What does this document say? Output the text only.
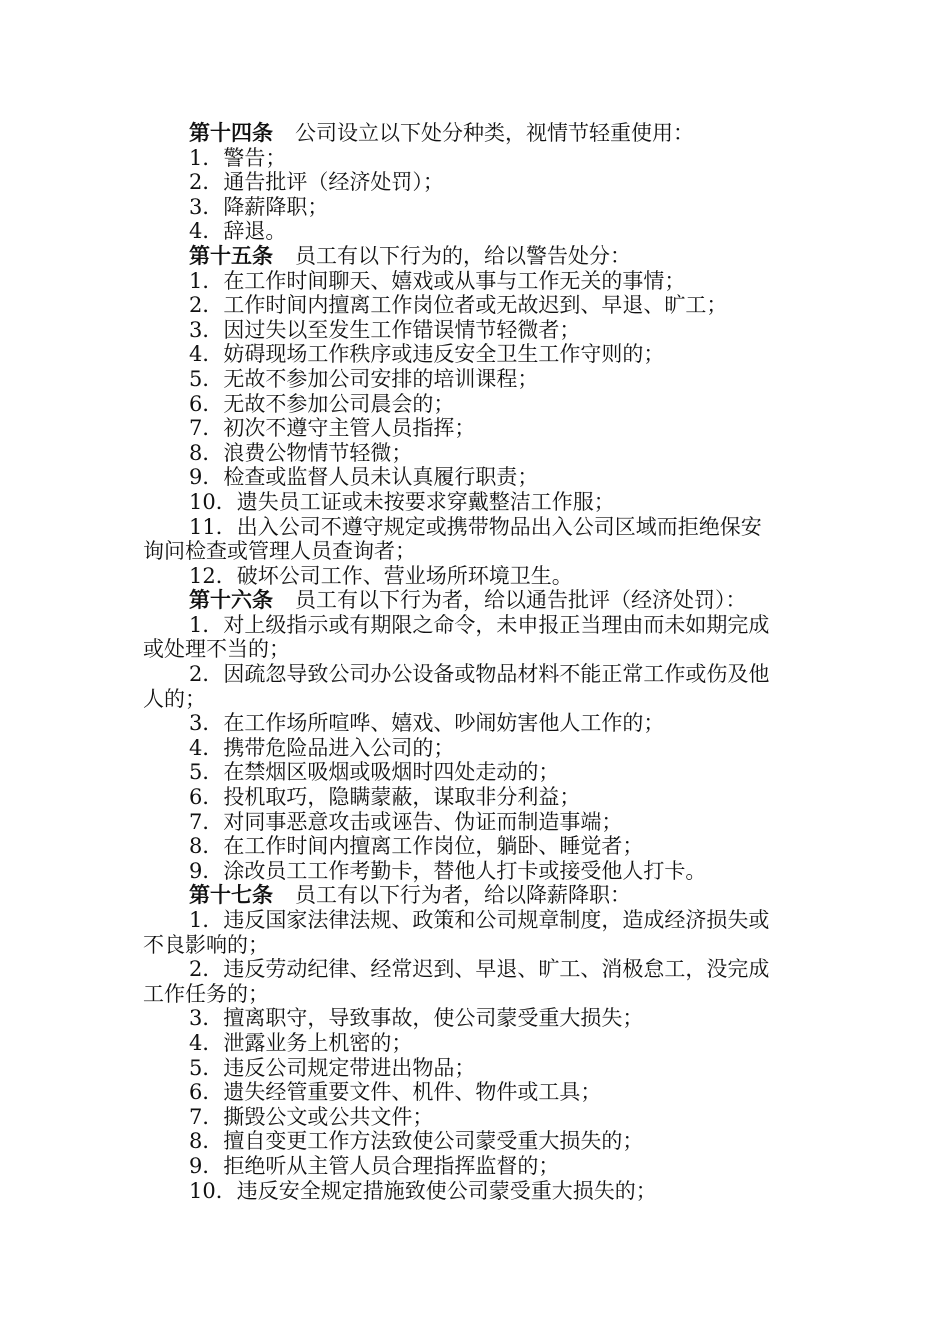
第十四条 公司设立以下处分种类，视情节轻重使用：
1．警告；
2．通告批评（经济处罚）；
3．降薪降职；
4．辞退。
第十五条 员工有以下行为的，给以警告处分：
1．在工作时间聊天、嬉戏或从事与工作无关的事情；
2．工作时间内擅离工作岗位者或无故迟到、早退、旷工；
3．因过失以至发生工作错误情节轻微者；
4．妨碍现场工作秩序或违反安全卫生工作守则的；
5．无故不参加公司安排的培训课程；
6．无故不参加公司晨会的；
7．初次不遵守主管人员指挥；
8．浪费公物情节轻微；
9．检查或监督人员未认真履行职责；
10．遗失员工证或未按要求穿戴整洁工作服；
11．出入公司不遵守规定或携带物品出入公司区域而拒绝保安
询问检查或管理人员查询者；
12．破坏公司工作、营业场所环境卫生。
第十六条 员工有以下行为者，给以通告批评（经济处罚）：
1．对上级指示或有期限之命令，未申报正当理由而未如期完成
或处理不当的；
2．因疏忽导致公司办公设备或物品材料不能正常工作或伤及他
人的；
3．在工作场所喧哗、嬉戏、吵闹妨害他人工作的；
4．携带危险品进入公司的；
5．在禁烟区吸烟或吸烟时四处走动的；
6．投机取巧，隐瞒蒙蔽，谋取非分利益；
7．对同事恶意攻击或诬告、伪证而制造事端；
8．在工作时间内擅离工作岗位，躺卧、睡觉者；
9．涂改员工工作考勤卡，替他人打卡或接受他人打卡。
第十七条 员工有以下行为者，给以降薪降职：
1．违反国家法律法规、政策和公司规章制度，造成经济损失或
不良影响的；
2．违反劳动纪律、经常迟到、早退、旷工、消极怠工，没完成
工作任务的；
3．擅离职守，导致事故，使公司蒙受重大损失；
4．泄露业务上机密的；
5．违反公司规定带进出物品；
6．遗失经管重要文件、机件、物件或工具；
7．撕毁公文或公共文件；
8．擅自变更工作方法致使公司蒙受重大损失的；
9．拒绝听从主管人员合理指挥监督的；
10．违反安全规定措施致使公司蒙受重大损失的；
